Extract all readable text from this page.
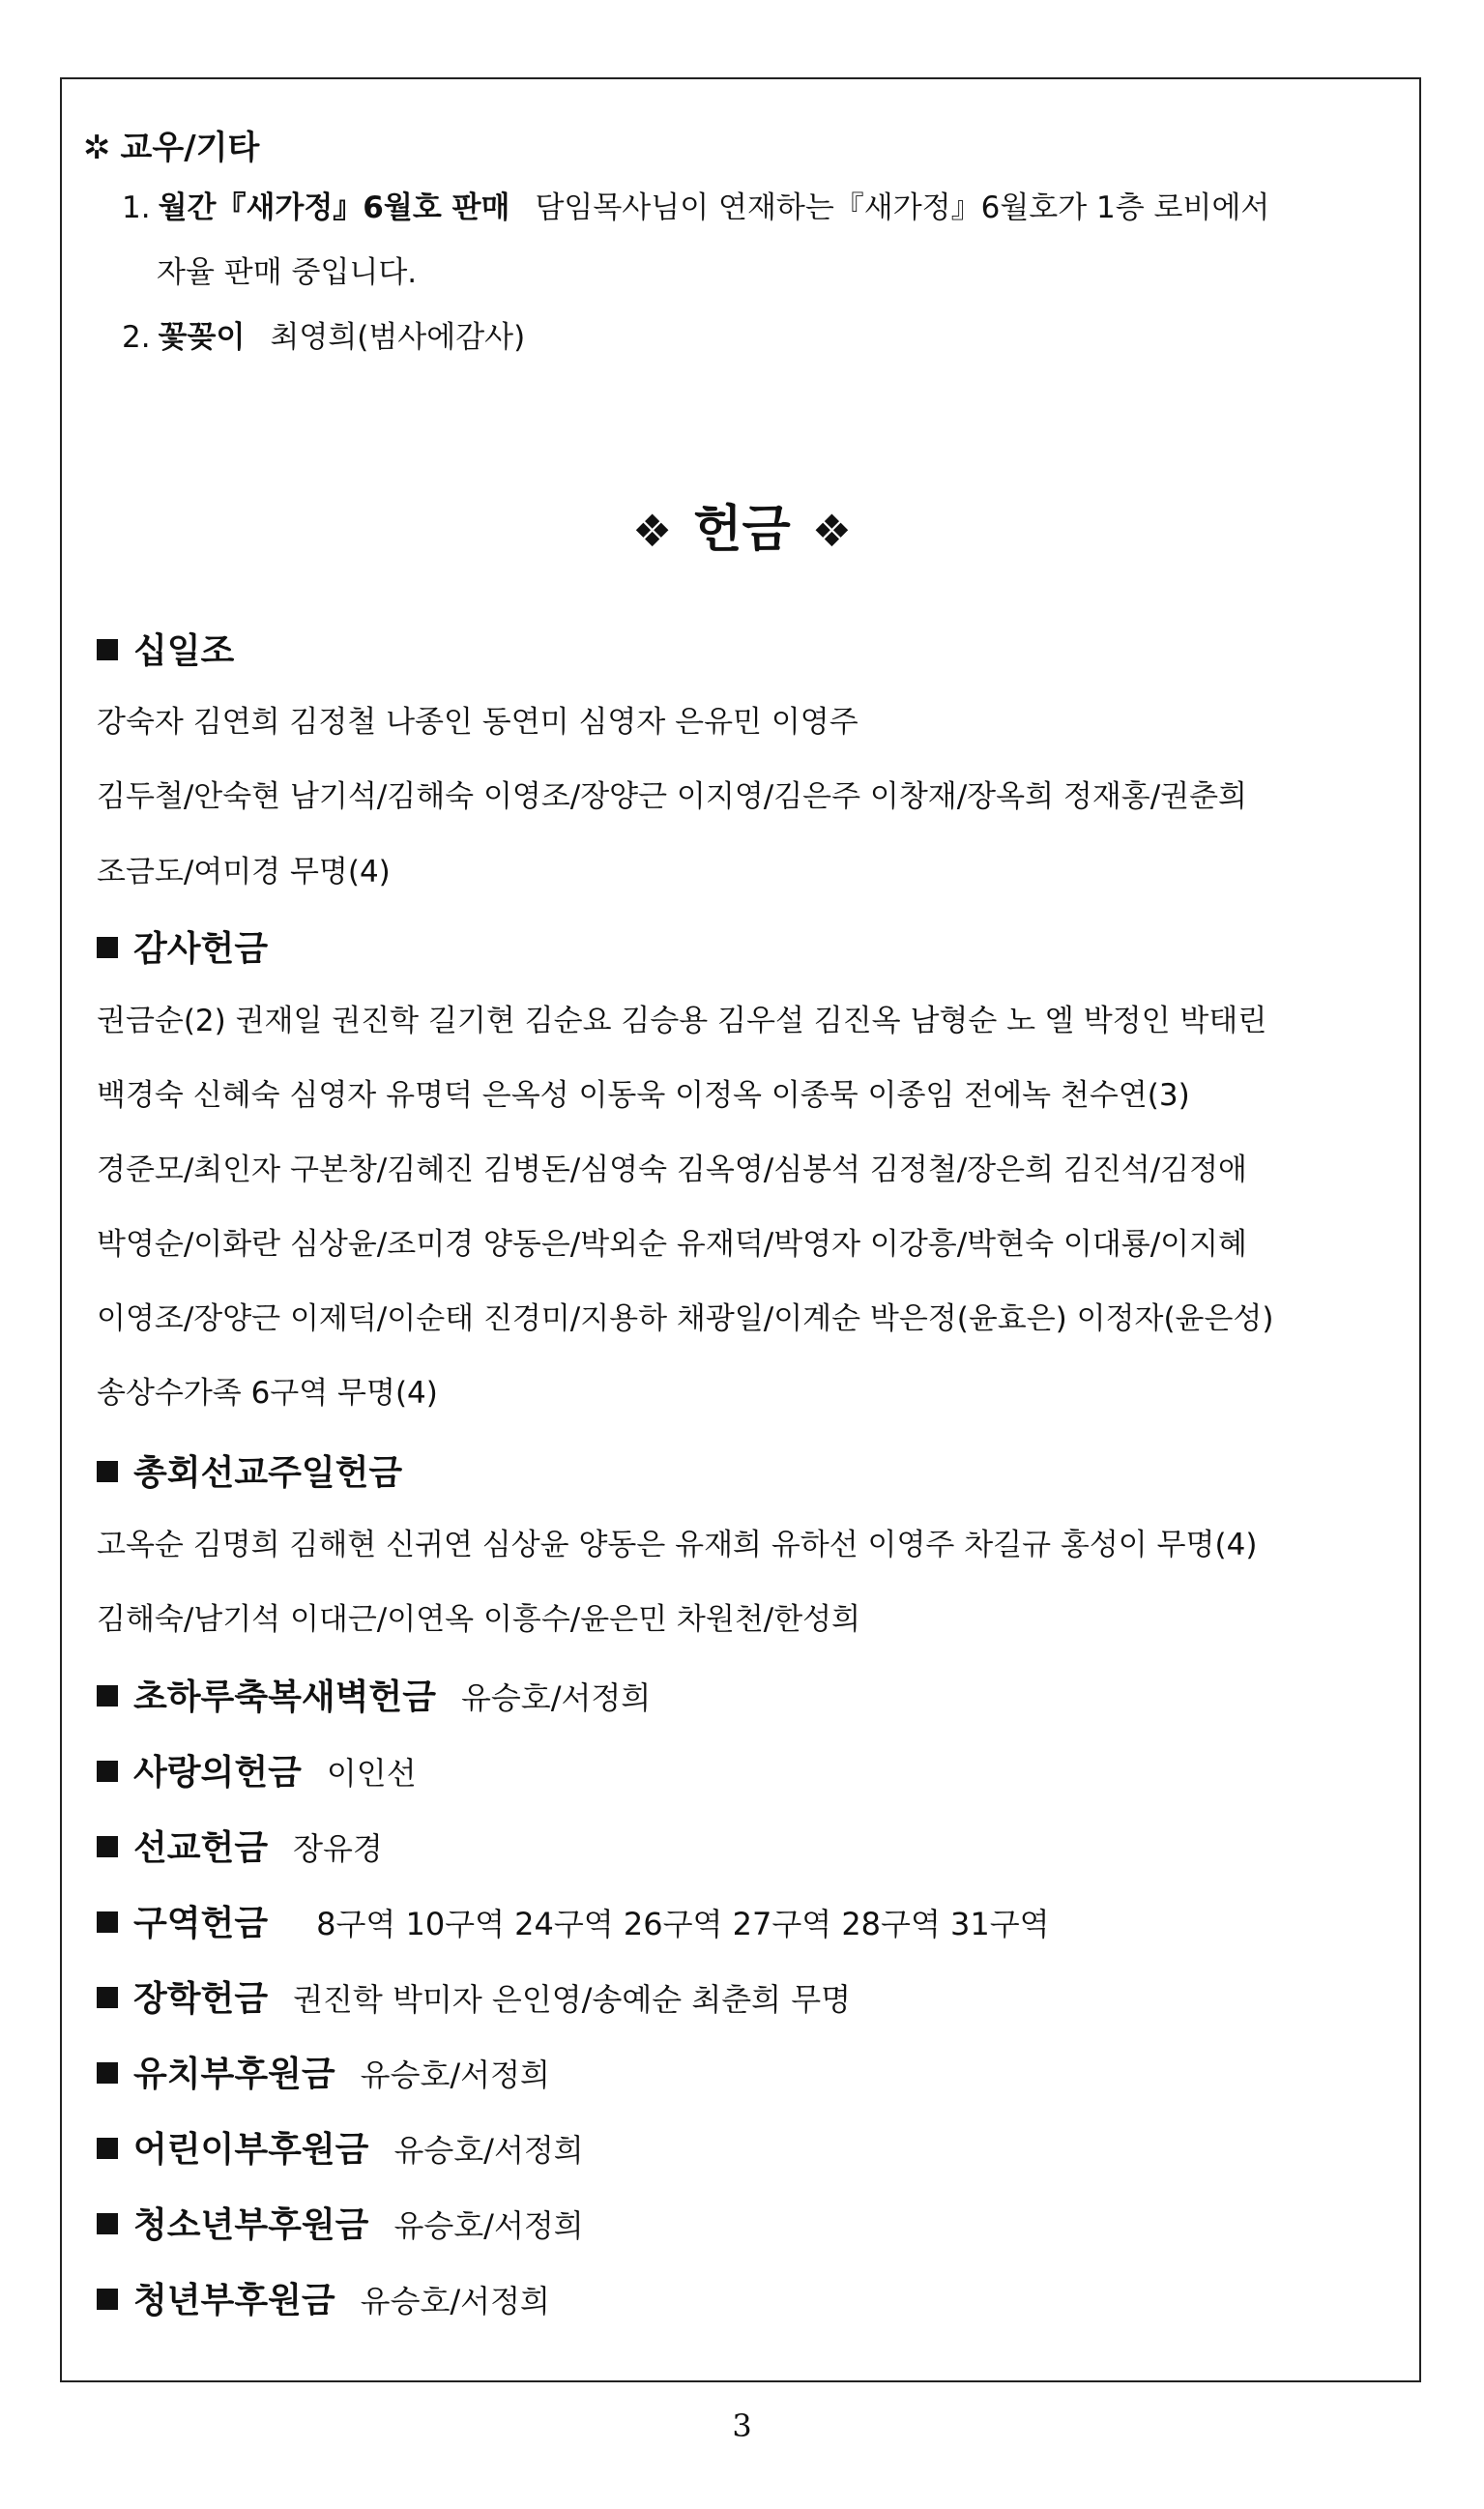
✲ 교우/기타
1. 월간『새가정』6월호 판매 담임목사님이 연재하는『새가정』6월호가 1층 로비에서
자율 판매 중입니다.
2. 꽃꽂이 최영희(범사에감사)
❖ 헌금 ❖
십일조
강숙자 김연희 김정철 나종인 동연미 심영자 은유민 이영주
김두철/안숙현 남기석/김해숙 이영조/장양근 이지영/김은주 이창재/장옥희 정재홍/권춘희
조금도/여미경 무명(4)
감사헌금
권금순(2) 권재일 권진학 길기현 김순요 김승용 김우설 김진옥 남형순 노 엘 박정인 박태린
백경숙 신혜숙 심영자 유명덕 은옥성 이동욱 이정옥 이종묵 이종임 전에녹 천수연(3)
경준모/최인자 구본창/김혜진 김병돈/심영숙 김옥영/심봉석 김정철/장은희 김진석/김정애
박영순/이화란 심상윤/조미경 양동은/박외순 유재덕/박영자 이강흥/박현숙 이대룡/이지혜
이영조/장양근 이제덕/이순태 진경미/지용하 채광일/이계순 박은정(윤효은) 이정자(윤은성)
송상수가족 6구역 무명(4)
총회선교주일헌금
고옥순 김명희 김해현 신귀연 심상윤 양동은 유재희 유하선 이영주 차길규 홍성이 무명(4)
김해숙/남기석 이대근/이연옥 이흥수/윤은민 차원천/한성희
초하루축복새벽헌금 유승호/서정희
사랑의헌금 이인선
선교헌금 장유경
구역헌금 8구역 10구역 24구역 26구역 27구역 28구역 31구역
장학헌금 권진학 박미자 은인영/송예순 최춘희 무명
유치부후원금 유승호/서정희
어린이부후원금 유승호/서정희
청소년부후원금 유승호/서정희
청년부후원금 유승호/서정희
3
